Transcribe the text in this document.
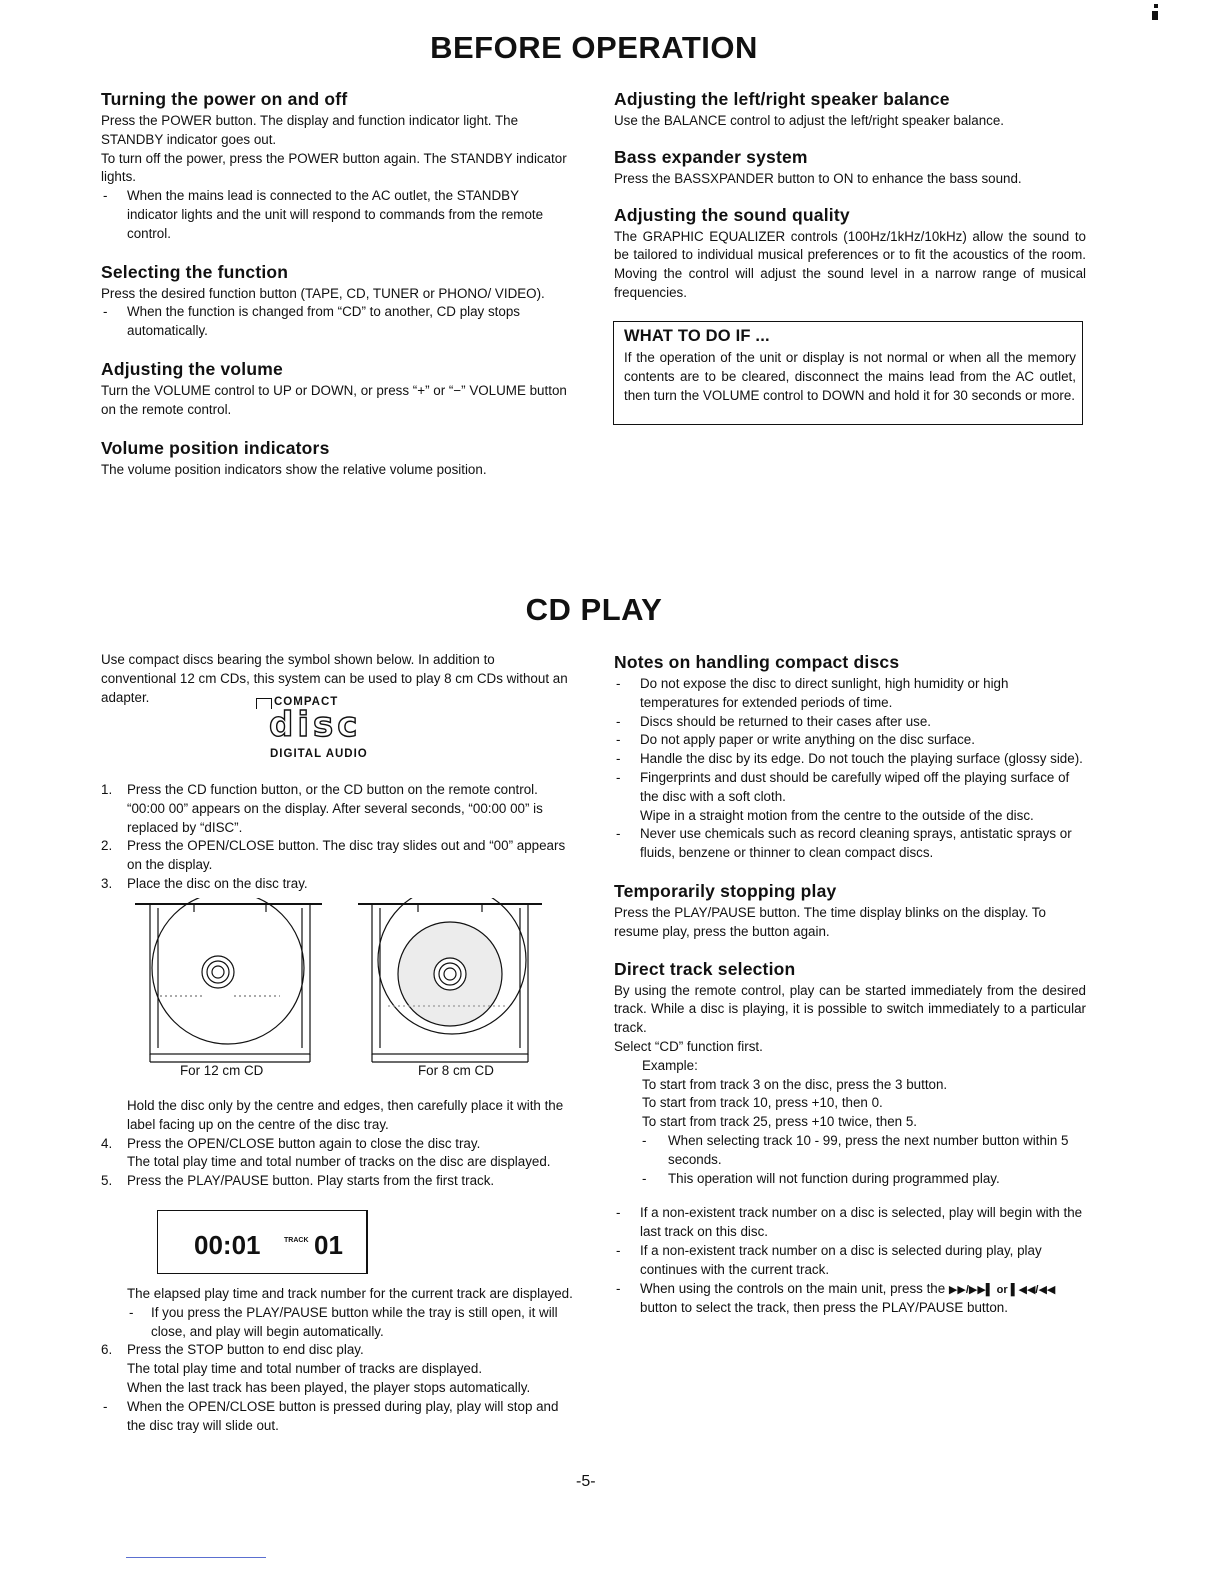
BEFORE OPERATION
CD PLAY
Turning the power on and off

Press the POWER button. The display and function indicator light. The STANDBY indicator goes out.

To turn off the power, press the POWER button again. The STANDBY indicator lights.

- When the mains lead is connected to the AC outlet, the STANDBY indicator lights and the unit will respond to commands from the remote control.

Selecting the function

Press the desired function button (TAPE, CD, TUNER or PHONO/ VIDEO).

- When the function is changed from “CD” to another, CD play stops automatically.

Adjusting the volume

Turn the VOLUME control to UP or DOWN, or press “+” or “−” VOLUME button on the remote control.

Volume position indicators

The volume position indicators show the relative volume position.

Adjusting the left/right speaker balance

Use the BALANCE control to adjust the left/right speaker balance.

Bass expander system

Press the BASSXPANDER button to ON to enhance the bass sound.

Adjusting the sound quality

The GRAPHIC EQUALIZER controls (100Hz/1kHz/10kHz) allow the sound to be tailored to individual musical preferences or to fit the acoustics of the room. Moving the control will adjust the sound level in a narrow range of musical frequencies.

WHAT TO DO IF ...

If the operation of the unit or display is not normal or when all the memory contents are to be cleared, disconnect the mains lead from the AC outlet, then turn the VOLUME control to DOWN and hold it for 30 seconds or more.

Use compact discs bearing the symbol shown below. In addition to conventional 12 cm CDs, this system can be used to play 8 cm CDs without an adapter.	COMPACT
disc
DIGITAL AUDIO

1. Press the CD function button, or the CD button on the remote control. “00:00 00” appears on the display. After several seconds, “00:00 00” is replaced by “dISC”.

2. Press the OPEN/CLOSE button. The disc tray slides out and “00” appears on the display.

3. Place the disc on the disc tray.

For 12 cm CD	For 8 cm CD

Hold the disc only by the centre and edges, then carefully place it with the label facing up on the centre of the disc tray.

4. Press the OPEN/CLOSE button again to close the disc tray.

The total play time and total number of tracks on the disc are displayed.

5. Press the PLAY/PAUSE button. Play starts from the first track.

00:01	TRACK 01

The elapsed play time and track number for the current track are displayed.

- If you press the PLAY/PAUSE button while the tray is still open, it will close, and play will begin automatically.

6. Press the STOP button to end disc play.

The total play time and total number of tracks are displayed.

When the last track has been played, the player stops automatically.

- When the OPEN/CLOSE button is pressed during play, play will stop and the disc tray will slide out.

Notes on handling compact discs

- Do not expose the disc to direct sunlight, high humidity or high temperatures for extended periods of time.

- Discs should be returned to their cases after use.

- Do not apply paper or write anything on the disc surface.

- Handle the disc by its edge. Do not touch the playing surface (glossy side).

- Fingerprints and dust should be carefully wiped off the playing surface of the disc with a soft cloth.

Wipe in a straight motion from the centre to the outside of the disc.

- Never use chemicals such as record cleaning sprays, antistatic sprays or fluids, benzene or thinner to clean compact discs.

Temporarily stopping play

Press the PLAY/PAUSE button. The time display blinks on the display. To resume play, press the button again.

Direct track selection

By using the remote control, play can be started immediately from the desired track. While a disc is playing, it is possible to switch immediately to a particular track.

Select “CD” function first.

Example:

To start from track 3 on the disc, press the 3 button.

To start from track 10, press +10, then 0.

To start from track 25, press +10 twice, then 5.

- When selecting track 10 - 99, press the next number button within 5 seconds.

- This operation will not function during programmed play.

- If a non-existent track number on a disc is selected, play will begin with the last track on this disc.

- If a non-existent track number on a disc is selected during play, play continues with the current track.

- When using the controls on the main unit, press the ▶▶/▶▶▌ or ▌◀◀/◀◀ button to select the track, then press the PLAY/PAUSE button.

-5-
